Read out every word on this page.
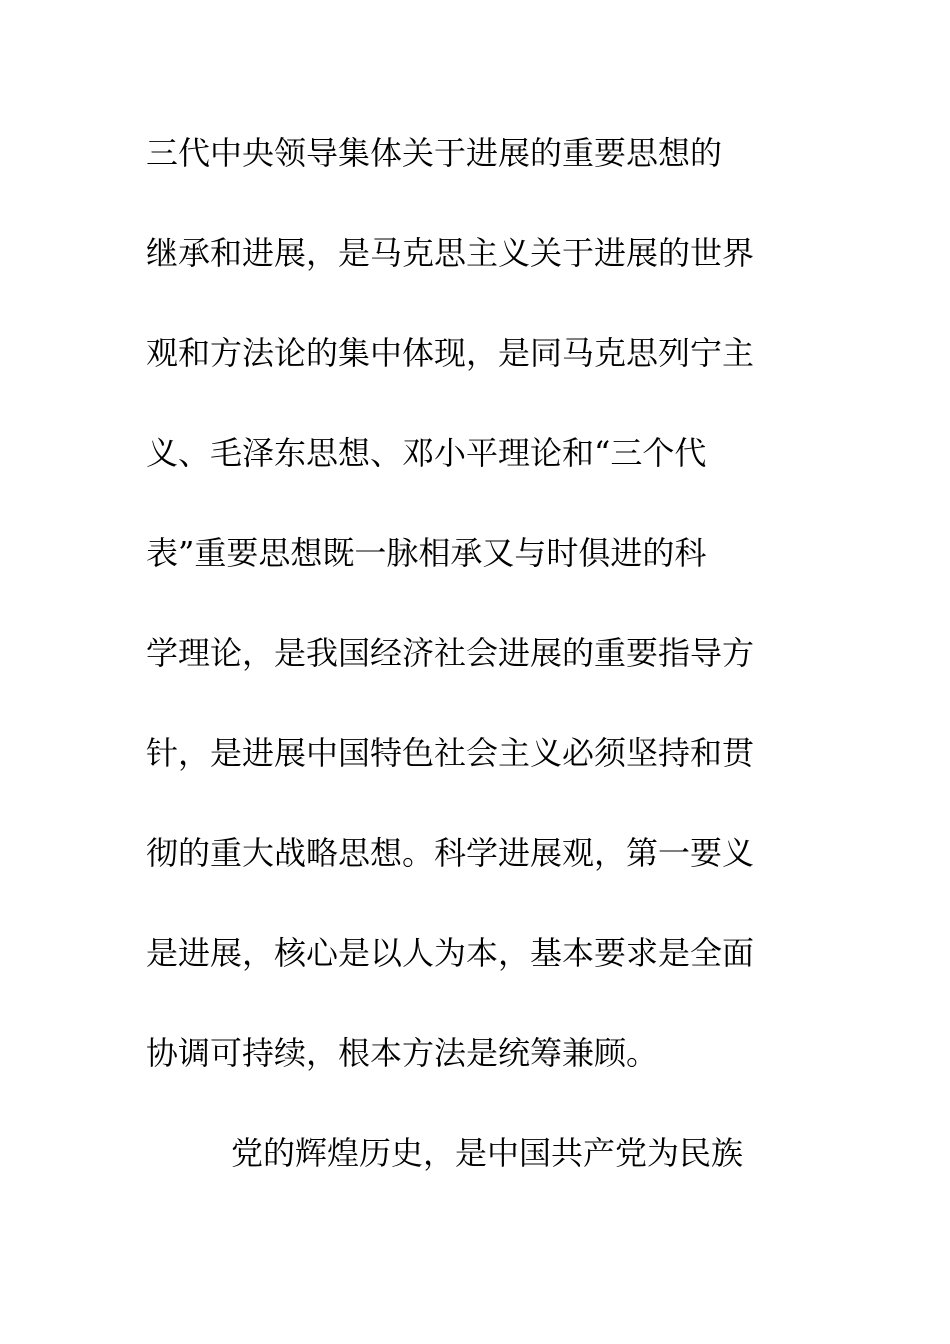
三代中央领导集体关于进展的重要思想的
继承和进展，是马克思主义关于进展的世界
观和方法论的集中体现，是同马克思列宁主
义、毛泽东思想、邓小平理论和“三个代
表”重要思想既一脉相承又与时俱进的科
学理论，是我国经济社会进展的重要指导方
针，是进展中国特色社会主义必须坚持和贯
彻的重大战略思想。科学进展观，第一要义
是进展，核心是以人为本，基本要求是全面
协调可持续，根本方法是统筹兼顾。
党的辉煌历史，是中国共产党为民族
